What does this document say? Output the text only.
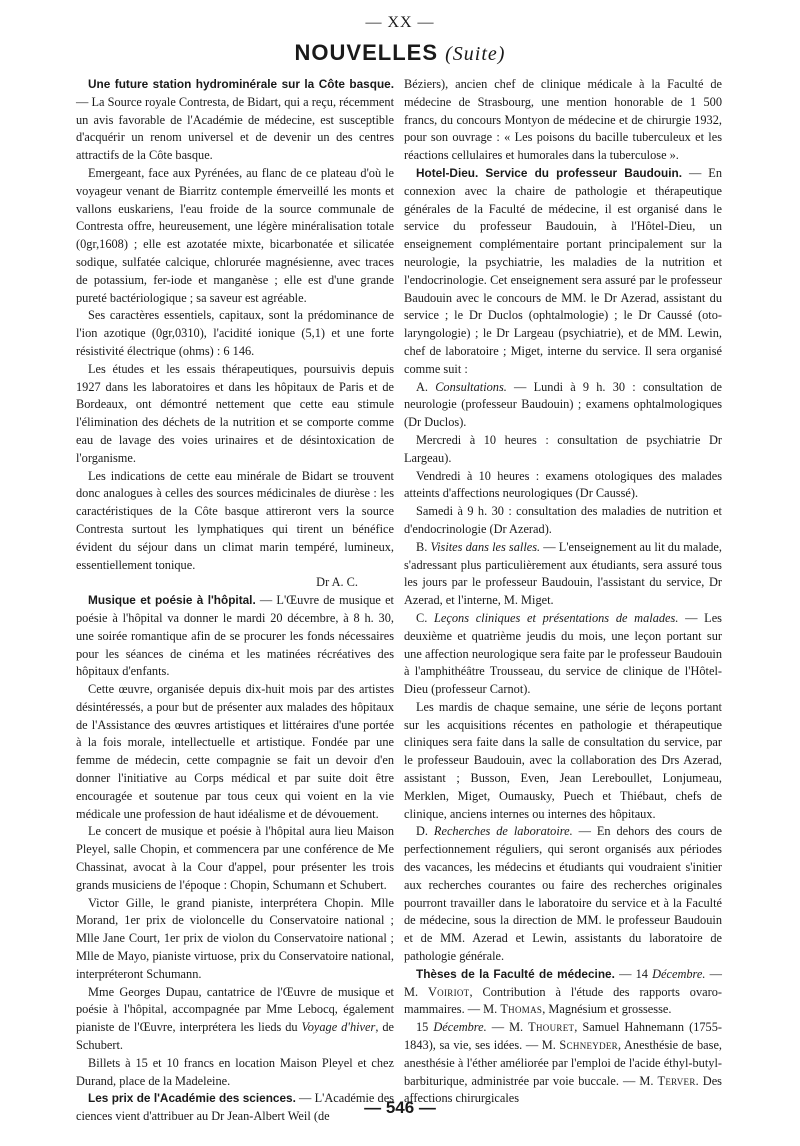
— XX —
NOUVELLES (Suite)

Une future station hydrominérale sur la Côte basque. — La Source royale Contresta, de Bidart, qui a reçu, récemment un avis favorable de l'Académie de médecine, est susceptible d'acquérir un renom universel et de devenir un des centres attractifs de la Côte basque.

Emergeant, face aux Pyrénées, au flanc de ce plateau d'où le voyageur venant de Biarritz contemple émerveillé les monts et vallons euskariens, l'eau froide de la source communale de Contresta offre, heureusement, une légère minéralisation totale (0gr,1608) ; elle est azotatée mixte, bicarbonatée et silicatée sodique, sulfatée calcique, chlorurée magnésienne, avec traces de potassium, fer-iode et manganèse ; elle est d'une grande pureté bactériologique ; sa saveur est agréable.

Ses caractères essentiels, capitaux, sont la prédominance de l'ion azotique (0gr,0310), l'acidité ionique (5,1) et une forte résistivité électrique (ohms) : 6 146.

Les études et les essais thérapeutiques, poursuivis depuis 1927 dans les laboratoires et dans les hôpitaux de Paris et de Bordeaux, ont démontré nettement que cette eau stimule l'élimination des déchets de la nutrition et se comporte comme eau de lavage des voies urinaires et de désintoxication de l'organisme.

Les indications de cette eau minérale de Bidart se trouvent donc analogues à celles des sources médicinales de diurèse : les caractéristiques de la Côte basque attireront vers la source Contresta surtout les lymphatiques qui tirent un bénéfice évident du séjour dans un climat marin tempéré, lumineux, essentiellement tonique.

Dr A. C.

Musique et poésie à l'hôpital. — L'Œuvre de musique et poésie à l'hôpital va donner le mardi 20 décembre, à 8 h. 30, une soirée romantique afin de se procurer les fonds nécessaires pour les séances de cinéma et les matinées récréatives des hôpitaux d'enfants.

Cette œuvre, organisée depuis dix-huit mois par des artistes désintéressés, a pour but de présenter aux malades des hôpitaux de l'Assistance des œuvres artistiques et littéraires d'une portée à la fois morale, intellectuelle et artistique. Fondée par une femme de médecin, cette compagnie se fait un devoir d'en donner l'initiative au Corps médical et par suite doit être encouragée et soutenue par tous ceux qui voient en la vie médicale une profession de haut idéalisme et de dévouement.

Le concert de musique et poésie à l'hôpital aura lieu Maison Pleyel, salle Chopin, et commencera par une conférence de Me Chassinat, avocat à la Cour d'appel, pour présenter les trois grands musiciens de l'époque : Chopin, Schumann et Schubert.

Victor Gille, le grand pianiste, interprétera Chopin. Mlle Morand, 1er prix de violoncelle du Conservatoire national ; Mlle Jane Court, 1er prix de violon du Conservatoire national ; Mlle de Mayo, pianiste virtuose, prix du Conservatoire national, interpréteront Schumann.

Mme Georges Dupau, cantatrice de l'Œuvre de musique et poésie à l'hôpital, accompagnée par Mme Lebocq, également pianiste de l'Œuvre, interprétera les lieds du Voyage d'hiver, de Schubert.

Billets à 15 et 10 francs en location Maison Pleyel et chez Durand, place de la Madeleine.

Les prix de l'Académie des sciences. — L'Académie des ciences vient d'attribuer au Dr Jean-Albert Weil (de

Béziers), ancien chef de clinique médicale à la Faculté de médecine de Strasbourg, une mention honorable de 1 500 francs, du concours Montyon de médecine et de chirurgie 1932, pour son ouvrage : « Les poisons du bacille tuberculeux et les réactions cellulaires et humorales dans la tuberculose ».

Hotel-Dieu. Service du professeur Baudouin. — En connexion avec la chaire de pathologie et thérapeutique générales de la Faculté de médecine, il est organisé dans le service du professeur Baudouin, à l'Hôtel-Dieu, un enseignement complémentaire portant principalement sur la neurologie, la psychiatrie, les maladies de la nutrition et l'endocrinologie. Cet enseignement sera assuré par le professeur Baudouin avec le concours de MM. le Dr Azerad, assistant du service ; le Dr Duclos (ophtalmologie) ; le Dr Caussé (oto-laryngologie) ; le Dr Largeau (psychiatrie), et de MM. Lewin, chef de laboratoire ; Miget, interne du service. Il sera organisé comme suit :

A. Consultations. — Lundi à 9 h. 30 : consultation de neurologie (professeur Baudouin) ; examens ophtalmologiques (Dr Duclos).

Mercredi à 10 heures : consultation de psychiatrie Dr Largeau).

Vendredi à 10 heures : examens otologiques des malades atteints d'affections neurologiques (Dr Caussé).

Samedi à 9 h. 30 : consultation des maladies de nutrition et d'endocrinologie (Dr Azerad).

B. Visites dans les salles. — L'enseignement au lit du malade, s'adressant plus particulièrement aux étudiants, sera assuré tous les jours par le professeur Baudouin, l'assistant du service, Dr Azerad, et l'interne, M. Miget.

C. Leçons cliniques et présentations de malades. — Les deuxième et quatrième jeudis du mois, une leçon portant sur une affection neurologique sera faite par le professeur Baudouin à l'amphithéâtre Trousseau, du service de clinique de l'Hôtel-Dieu (professeur Carnot).

Les mardis de chaque semaine, une série de leçons portant sur les acquisitions récentes en pathologie et thérapeutique cliniques sera faite dans la salle de consultation du service, par le professeur Baudouin, avec la collaboration des Drs Azerad, assistant ; Busson, Even, Jean Lereboullet, Lonjumeau, Merklen, Miget, Oumausky, Puech et Thiébaut, chefs de clinique, anciens internes ou internes des hôpitaux.

D. Recherches de laboratoire. — En dehors des cours de perfectionnement réguliers, qui seront organisés aux périodes des vacances, les médecins et étudiants qui voudraient s'initier aux recherches courantes ou faire des recherches originales pourront travailler dans le laboratoire du service et à la Faculté de médecine, sous la direction de MM. le professeur Baudouin et de MM. Azerad et Lewin, assistants du laboratoire de pathologie générale.

Thèses de la Faculté de médecine. — 14 Décembre. — M. Voiriot, Contribution à l'étude des rapports ovaro-mammaires. — M. Thomas, Magnésium et grossesse.

15 Décembre. — M. Thouret, Samuel Hahnemann (1755-1843), sa vie, ses idées. — M. Schneyder, Anesthésie de base, anesthésie à l'éther améliorée par l'emploi de l'acide éthyl-butyl-barbiturique, administrée par voie buccale. — M. Terver. Des affections chirurgicales

— 546 —
